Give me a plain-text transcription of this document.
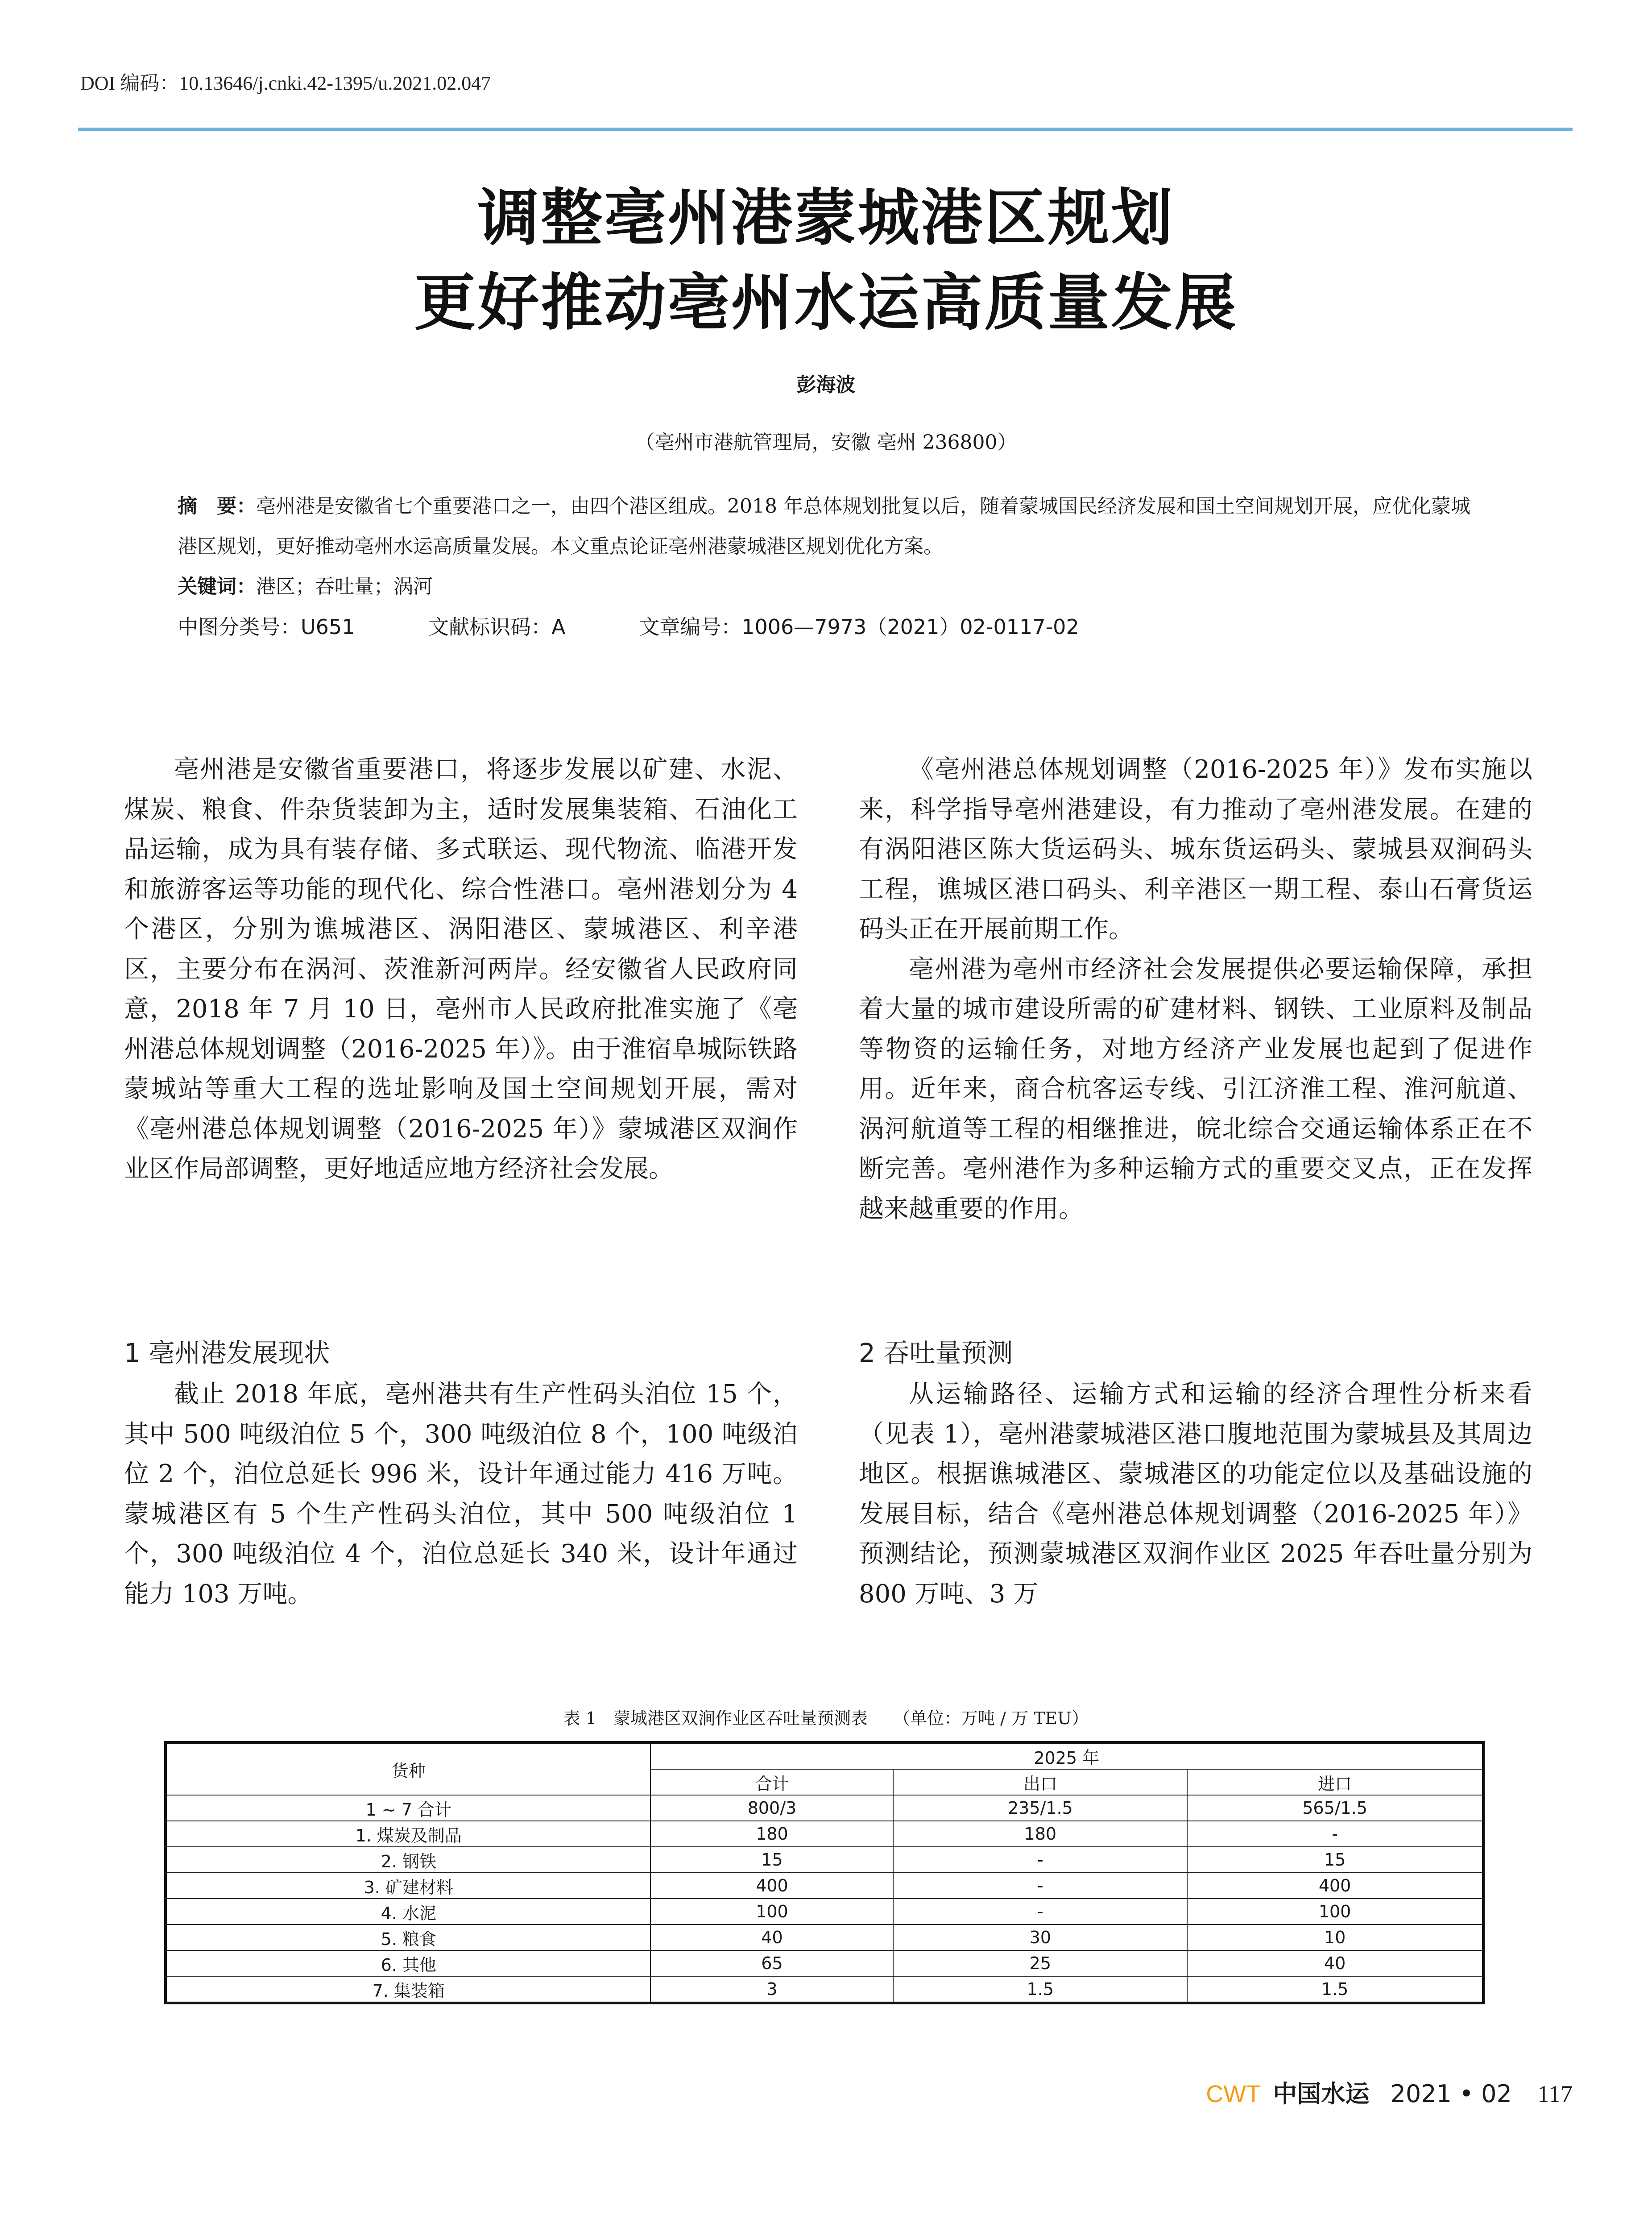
DOI 编码：10.13646/j.cnki.42-1395/u.2021.02.047
调整亳州港蒙城港区规划
更好推动亳州水运高质量发展
彭海波
（亳州市港航管理局，安徽 亳州 236800）
摘　要：亳州港是安徽省七个重要港口之一，由四个港区组成。2018 年总体规划批复以后，随着蒙城国民经济发展和国土空间规划开展，应优化蒙城港区规划，更好推动亳州水运高质量发展。本文重点论证亳州港蒙城港区规划优化方案。
关键词：港区；吞吐量；涡河
中图分类号：U651	文献标识码：A	文章编号：1006—7973（2021）02-0117-02

亳州港是安徽省重要港口，将逐步发展以矿建、水泥、煤炭、粮食、件杂货装卸为主，适时发展集装箱、石油化工品运输，成为具有装存储、多式联运、现代物流、临港开发和旅游客运等功能的现代化、综合性港口。亳州港划分为 4 个港区，分别为谯城港区、涡阳港区、蒙城港区、利辛港区，主要分布在涡河、茨淮新河两岸。经安徽省人民政府同意，2018 年 7 月 10 日，亳州市人民政府批准实施了《亳州港总体规划调整（2016-2025 年）》。由于淮宿阜城际铁路蒙城站等重大工程的选址影响及国土空间规划开展，需对《亳州港总体规划调整（2016-2025 年）》蒙城港区双涧作业区作局部调整，更好地适应地方经济社会发展。

《亳州港总体规划调整（2016-2025 年）》发布实施以来，科学指导亳州港建设，有力推动了亳州港发展。在建的有涡阳港区陈大货运码头、城东货运码头、蒙城县双涧码头工程，谯城区港口码头、利辛港区一期工程、泰山石膏货运码头正在开展前期工作。

亳州港为亳州市经济社会发展提供必要运输保障，承担着大量的城市建设所需的矿建材料、钢铁、工业原料及制品等物资的运输任务，对地方经济产业发展也起到了促进作用。近年来，商合杭客运专线、引江济淮工程、淮河航道、涡河航道等工程的相继推进，皖北综合交通运输体系正在不断完善。亳州港作为多种运输方式的重要交叉点，正在发挥越来越重要的作用。

1 亳州港发展现状	2 吞吐量预测

截止 2018 年底，亳州港共有生产性码头泊位 15 个，其中 500 吨级泊位 5 个，300 吨级泊位 8 个，100 吨级泊位 2 个，泊位总延长 996 米，设计年通过能力 416 万吨。蒙城港区有 5 个生产性码头泊位，其中 500 吨级泊位 1 个，300 吨级泊位 4 个，泊位总延长 340 米，设计年通过能力 103 万吨。

从运输路径、运输方式和运输的经济合理性分析来看（见表 1），亳州港蒙城港区港口腹地范围为蒙城县及其周边地区。根据谯城港区、蒙城港区的功能定位以及基础设施的发展目标，结合《亳州港总体规划调整（2016-2025 年）》预测结论，预测蒙城港区双涧作业区 2025 年吞吐量分别为 800 万吨、3 万

表 1　蒙城港区双涧作业区吞吐量预测表　　（单位：万吨 / 万 TEU）
货种	2025 年		
	合计	出口	进口
1 ~ 7 合计	800/3	235/1.5	565/1.5
1. 煤炭及制品	180	180	-
2. 钢铁	15	-	15
3. 矿建材料	400	-	400
4. 水泥	100	-	100
5. 粮食	40	30	10
6. 其他	65	25	40
7. 集装箱	3	1.5	1.5
CWT 中国水运 2021 • 02 117
